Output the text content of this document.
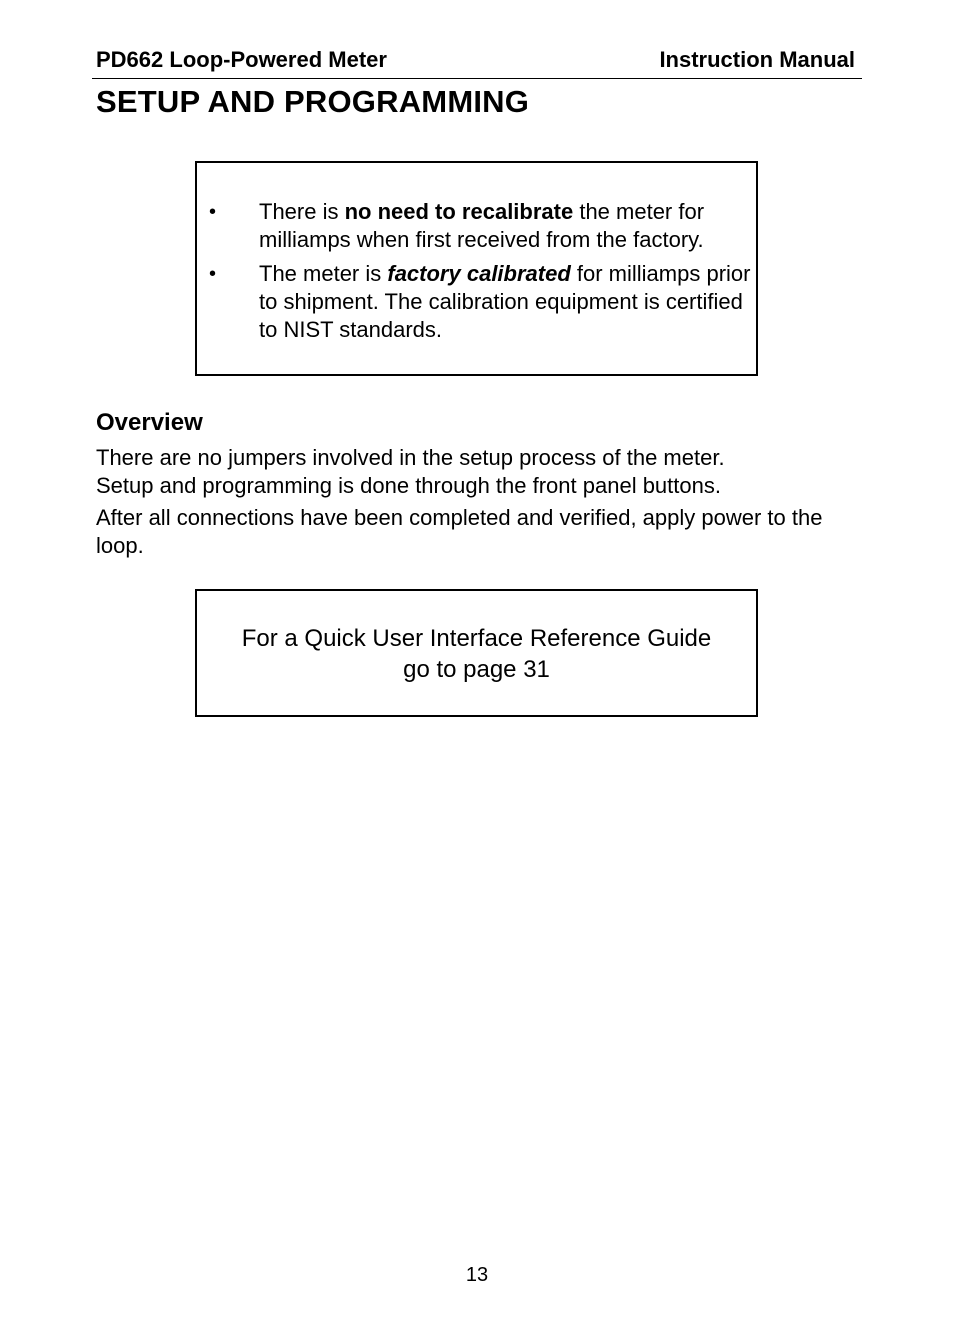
PD662 Loop-Powered Meter	Instruction Manual
SETUP AND PROGRAMMING
• There is no need to recalibrate the meter for milliamps when first received from the factory.
• The meter is factory calibrated for milliamps prior to shipment. The calibration equipment is certified to NIST standards.
Overview
There are no jumpers involved in the setup process of the meter.
Setup and programming is done through the front panel buttons.
After all connections have been completed and verified, apply power to the loop.
For a Quick User Interface Reference Guide
go to page 31
13
